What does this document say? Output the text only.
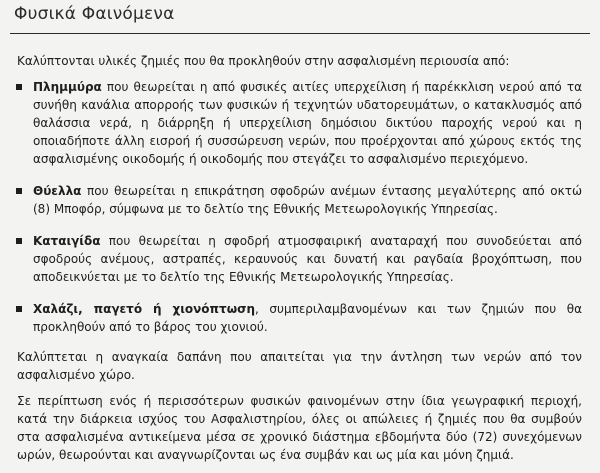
Φυσικά Φαινόμενα
Καλύπτονται υλικές ζημιές που θα προκληθούν στην ασφαλισμένη περιουσία από:
Πλημμύρα που θεωρείται η από φυσικές αιτίες υπερχείλιση ή παρέκκλιση νερού από τα συνήθη κανάλια απορροής των φυσικών ή τεχνητών υδατορευμάτων, ο κατακλυσμός από θαλάσσια νερά, η διάρρηξη ή υπερχείλιση δημόσιου δικτύου παροχής νερού και η οποιαδήποτε άλλη εισροή ή συσσώρευση νερών, που προέρχονται από χώρους εκτός της ασφαλισμένης οικοδομής ή οικοδομής που στεγάζει το ασφαλισμένο περιεχόμενο.
Θύελλα που θεωρείται η επικράτηση σφοδρών ανέμων έντασης μεγαλύτερης από οκτώ (8) Μποφόρ, σύμφωνα με το δελτίο της Εθνικής Μετεωρολογικής Υπηρεσίας.
Καταιγίδα που θεωρείται η σφοδρή ατμοσφαιρική αναταραχή που συνοδεύεται από σφοδρούς ανέμους, αστραπές, κεραυνούς και δυνατή και ραγδαία βροχόπτωση, που αποδεικνύεται με το δελτίο της Εθνικής Μετεωρολογικής Υπηρεσίας.
Χαλάζι, παγετό ή χιονόπτωση, συμπεριλαμβανομένων και των ζημιών που θα προκληθούν από το βάρος του χιονιού.
Καλύπτεται η αναγκαία δαπάνη που απαιτείται για την άντληση των νερών από τον ασφαλισμένο χώρο.
Σε περίπτωση ενός ή περισσότερων φυσικών φαινομένων στην ίδια γεωγραφική περιοχή, κατά την διάρκεια ισχύος του Ασφαλιστηρίου, όλες οι απώλειες ή ζημιές που θα συμβούν στα ασφαλισμένα αντικείμενα μέσα σε χρονικό διάστημα εβδομήντα δύο (72) συνεχόμενων ωρών, θεωρούνται και αναγνωρίζονται ως ένα συμβάν και ως μία και μόνη ζημιά.
